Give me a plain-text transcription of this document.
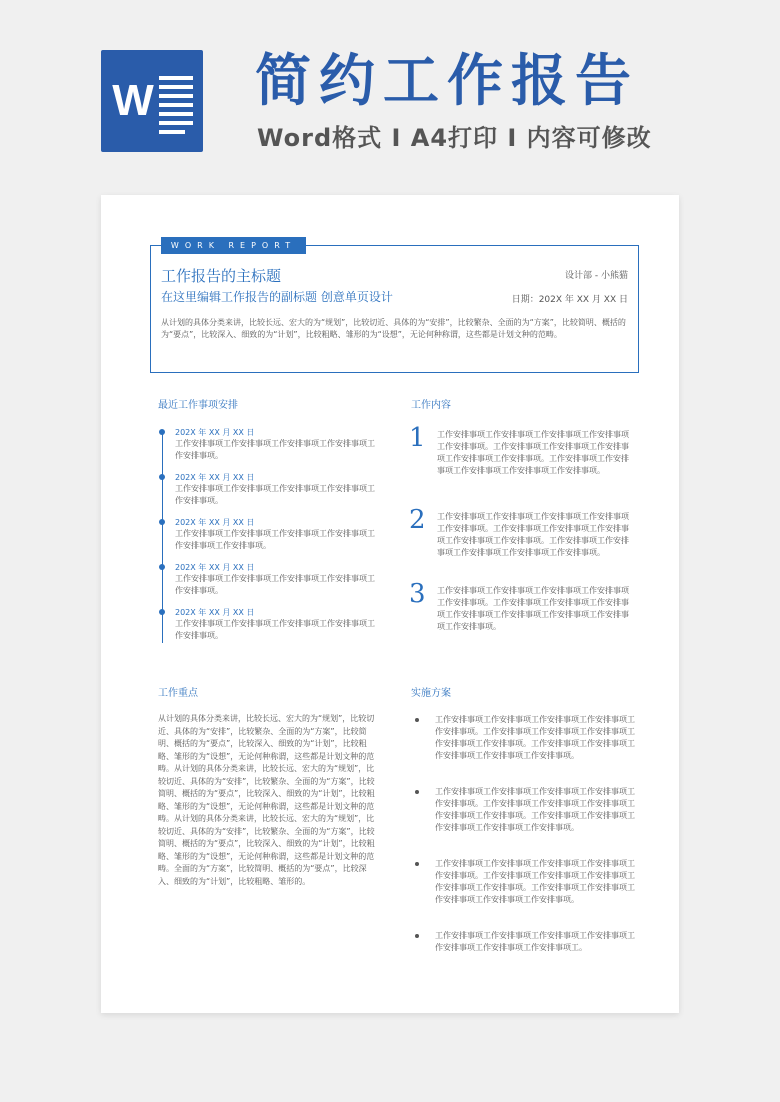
W 简约工作报告
Word格式 I A4打印 I 内容可修改
WORK REPORT
工作报告的主标题
在这里编辑工作报告的副标题 创意单页设计
设计部 - 小熊猫
日期：202X 年 XX 月 XX 日
从计划的具体分类来讲，比较长远、宏大的为“规划”，比较切近、具体的为“安排”，比较繁杂、全面的为“方案”，比较简明、概括的为“要点”，比较深入、细致的为“计划”，比较粗略、雏形的为“设想”，无论何种称谓，这些都是计划文种的范畴。
最近工作事项安排
202X 年 XX 月 XX 日
工作安排事项工作安排事项工作安排事项工作安排事项工作安排事项。
202X 年 XX 月 XX 日
工作安排事项工作安排事项工作安排事项工作安排事项工作安排事项。
202X 年 XX 月 XX 日
工作安排事项工作安排事项工作安排事项工作安排事项工作安排事项工作安排事项。
202X 年 XX 月 XX 日
工作安排事项工作安排事项工作安排事项工作安排事项工作安排事项。
202X 年 XX 月 XX 日
工作安排事项工作安排事项工作安排事项工作安排事项工作安排事项。
工作内容
1 工作安排事项工作安排事项工作安排事项工作安排事项工作安排事项。工作安排事项工作安排事项工作安排事项工作安排事项工作安排事项。工作安排事项工作安排事项工作安排事项工作安排事项工作安排事项。
2 工作安排事项工作安排事项工作安排事项工作安排事项工作安排事项。工作安排事项工作安排事项工作安排事项工作安排事项工作安排事项。工作安排事项工作安排事项工作安排事项工作安排事项工作安排事项。
3 工作安排事项工作安排事项工作安排事项工作安排事项工作安排事项。工作安排事项工作安排事项工作安排事项工作安排事项工作安排事项工作安排事项工作安排事项工作安排事项。
工作重点
从计划的具体分类来讲，比较长远、宏大的为“规划”，比较切近、具体的为“安排”，比较繁杂、全面的为“方案”，比较简明、概括的为“要点”，比较深入、细致的为“计划”，比较粗略、雏形的为“设想”，无论何种称谓，这些都是计划文种的范畴。从计划的具体分类来讲，比较长远、宏大的为“规划”，比较切近、具体的为“安排”，比较繁杂、全面的为“方案”，比较简明、概括的为“要点”，比较深入、细致的为“计划”，比较粗略、雏形的为“设想”，无论何种称谓，这些都是计划文种的范畴。从计划的具体分类来讲，比较长远、宏大的为“规划”，比较切近、具体的为“安排”，比较繁杂、全面的为“方案”，比较简明、概括的为“要点”，比较深入、细致的为“计划”，比较粗略、雏形的为“设想”，无论何种称谓，这些都是计划文种的范畴。全面的为“方案”，比较简明、概括的为“要点”，比较深入、细致的为“计划”，比较粗略、雏形的。
实施方案
工作安排事项工作安排事项工作安排事项工作安排事项工作安排事项。工作安排事项工作安排事项工作安排事项工作安排事项工作安排事项。工作安排事项工作安排事项工作安排事项工作安排事项工作安排事项。
工作安排事项工作安排事项工作安排事项工作安排事项工作安排事项。工作安排事项工作安排事项工作安排事项工作安排事项工作安排事项。工作安排事项工作安排事项工作安排事项工作安排事项工作安排事项。
工作安排事项工作安排事项工作安排事项工作安排事项工作安排事项。工作安排事项工作安排事项工作安排事项工作安排事项工作安排事项。工作安排事项工作安排事项工作安排事项工作安排事项工作安排事项。
工作安排事项工作安排事项工作安排事项工作安排事项工作安排事项工作安排事项工作安排事项工。
